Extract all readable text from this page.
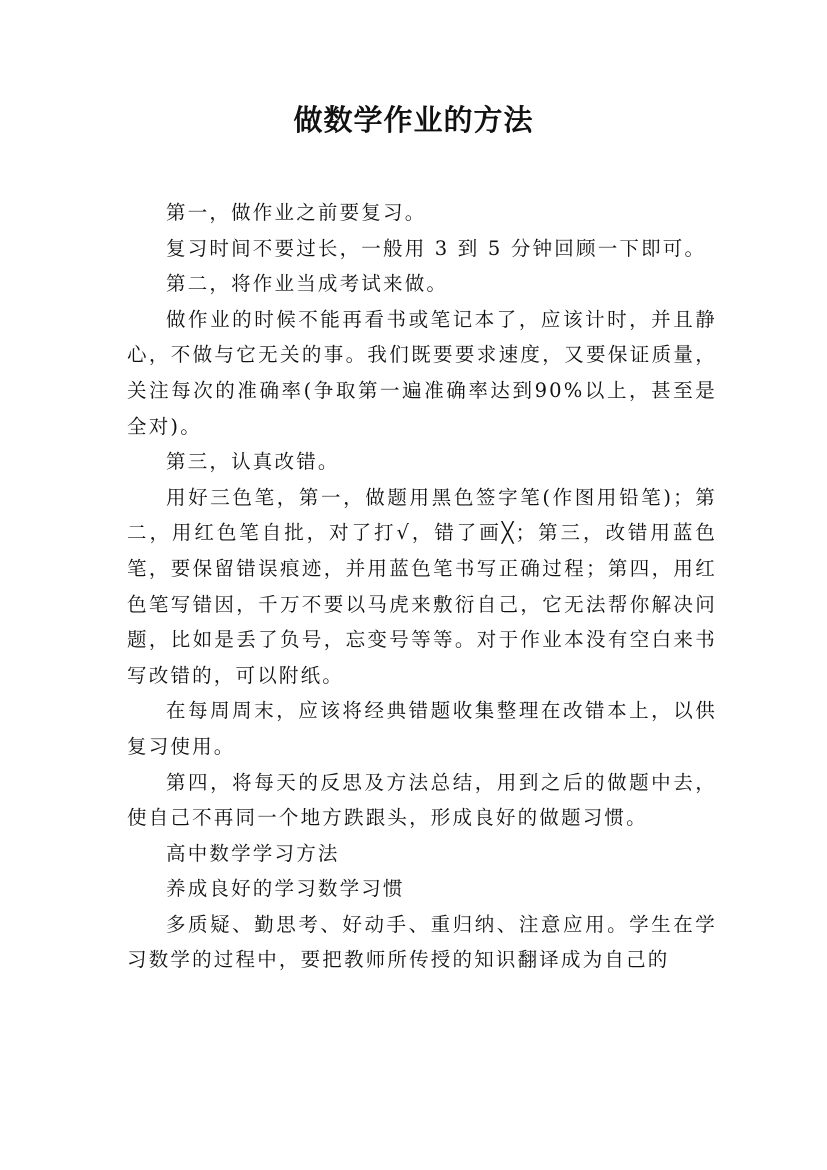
做数学作业的方法

第一，做作业之前要复习。

复习时间不要过长，一般用 3 到 5 分钟回顾一下即可。

第二，将作业当成考试来做。

做作业的时候不能再看书或笔记本了，应该计时，并且静心，不做与它无关的事。我们既要要求速度，又要保证质量，关注每次的准确率(争取第一遍准确率达到90%以上，甚至是全对)。

第三，认真改错。

用好三色笔，第一，做题用黑色签字笔(作图用铅笔)；第二，用红色笔自批，对了打√，错了画╳；第三，改错用蓝色笔，要保留错误痕迹，并用蓝色笔书写正确过程；第四，用红色笔写错因，千万不要以马虎来敷衍自己，它无法帮你解决问题，比如是丢了负号，忘变号等等。对于作业本没有空白来书写改错的，可以附纸。

在每周周末，应该将经典错题收集整理在改错本上，以供复习使用。

第四，将每天的反思及方法总结，用到之后的做题中去，使自己不再同一个地方跌跟头，形成良好的做题习惯。

高中数学学习方法

养成良好的学习数学习惯

多质疑、勤思考、好动手、重归纳、注意应用。学生在学习数学的过程中，要把教师所传授的知识翻译成为自己的
